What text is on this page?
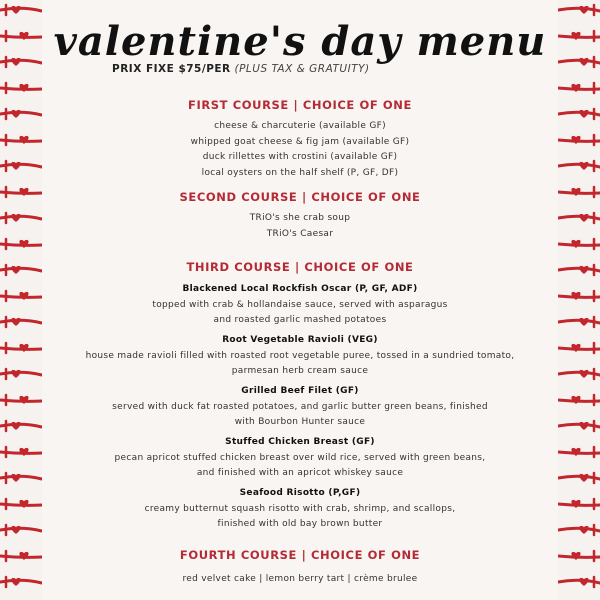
valentine's day menu
PRIX FIXE $75/PER (PLUS TAX & GRATUITY)
FIRST COURSE | CHOICE OF ONE
cheese & charcuterie (available GF)
whipped goat cheese & fig jam (available GF)
duck rillettes with crostini (available GF)
local oysters on the half shelf (P, GF, DF)
SECOND COURSE | CHOICE OF ONE
TRiO's she crab soup
TRiO's Caesar
THIRD COURSE | CHOICE OF ONE
Blackened Local Rockfish Oscar (P, GF, ADF)
topped with crab & hollandaise sauce, served with asparagus
and roasted garlic mashed potatoes
Root Vegetable Ravioli (VEG)
house made ravioli filled with roasted root vegetable puree, tossed in a sundried tomato,
parmesan herb cream sauce
Grilled Beef Filet (GF)
served with duck fat roasted potatoes, and garlic butter green beans, finished
with Bourbon Hunter sauce
Stuffed Chicken Breast (GF)
pecan apricot stuffed chicken breast over wild rice, served with green beans,
and finished with an apricot whiskey sauce
Seafood Risotto (P,GF)
creamy butternut squash risotto with crab, shrimp, and scallops,
finished with old bay brown butter
FOURTH COURSE | CHOICE OF ONE
red velvet cake | lemon berry tart | crème brulee
